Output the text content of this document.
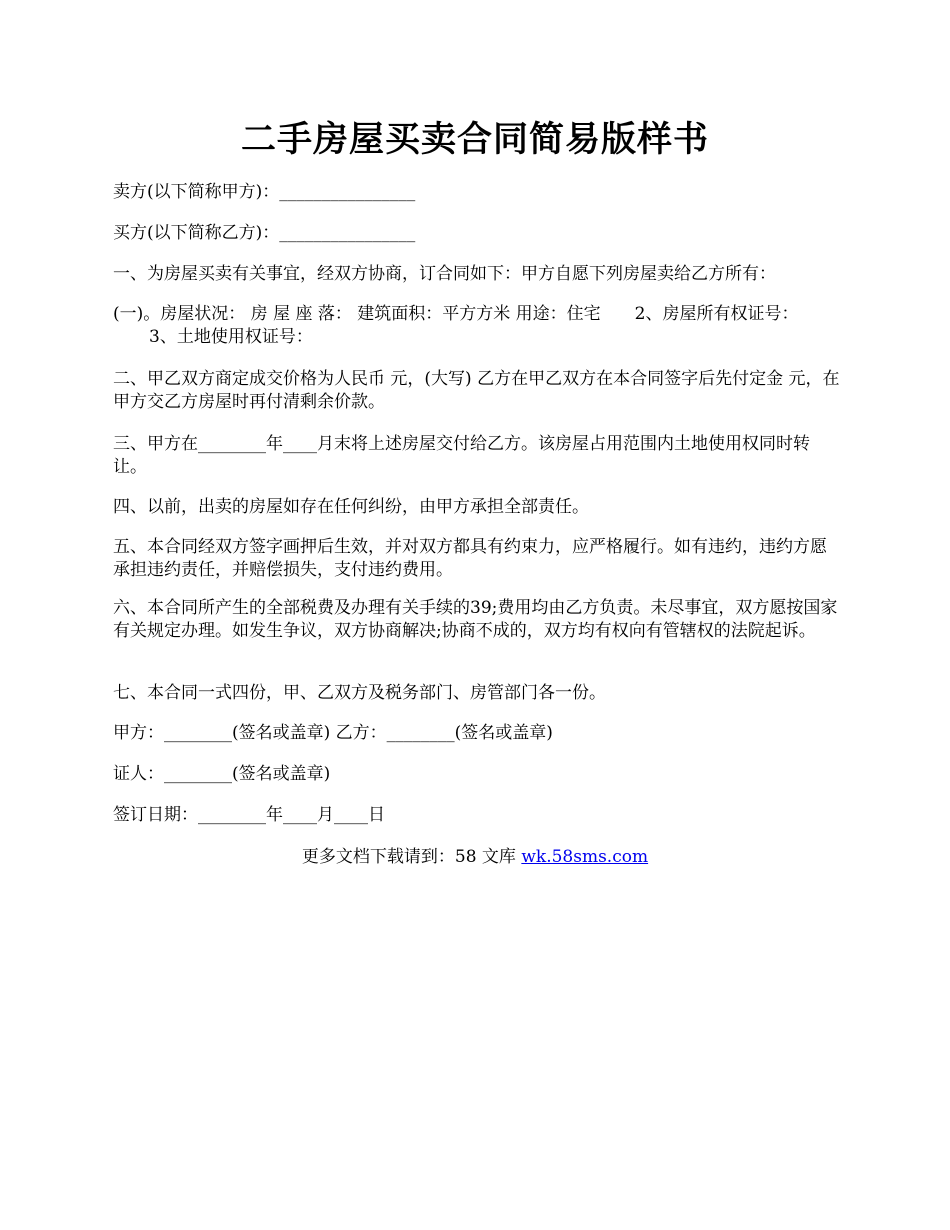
二手房屋买卖合同简易版样书

卖方(以下简称甲方)：________________

买方(以下简称乙方)：________________

一、为房屋买卖有关事宜，经双方协商，订合同如下：甲方自愿下列房屋卖给乙方所有：

(一)。房屋状况： 房 屋 座 落： 建筑面积：平方方米 用途：住宅　　2、房屋所有权证号：
3、土地使用权证号：

二、甲乙双方商定成交价格为人民币 元，(大写) 乙方在甲乙双方在本合同签字后先付定金 元，在甲方交乙方房屋时再付清剩余价款。

三、甲方在________年____月末将上述房屋交付给乙方。该房屋占用范围内土地使用权同时转让。

四、以前，出卖的房屋如存在任何纠纷，由甲方承担全部责任。

五、本合同经双方签字画押后生效，并对双方都具有约束力，应严格履行。如有违约，违约方愿承担违约责任，并赔偿损失，支付违约费用。

六、本合同所产生的全部税费及办理有关手续的39;费用均由乙方负责。未尽事宜，双方愿按国家有关规定办理。如发生争议，双方协商解决;协商不成的，双方均有权向有管辖权的法院起诉。

七、本合同一式四份，甲、乙双方及税务部门、房管部门各一份。

甲方：________(签名或盖章) 乙方：________(签名或盖章)

证人：________(签名或盖章)

签订日期：________年____月____日

更多文档下载请到：58 文库 wk.58sms.com
